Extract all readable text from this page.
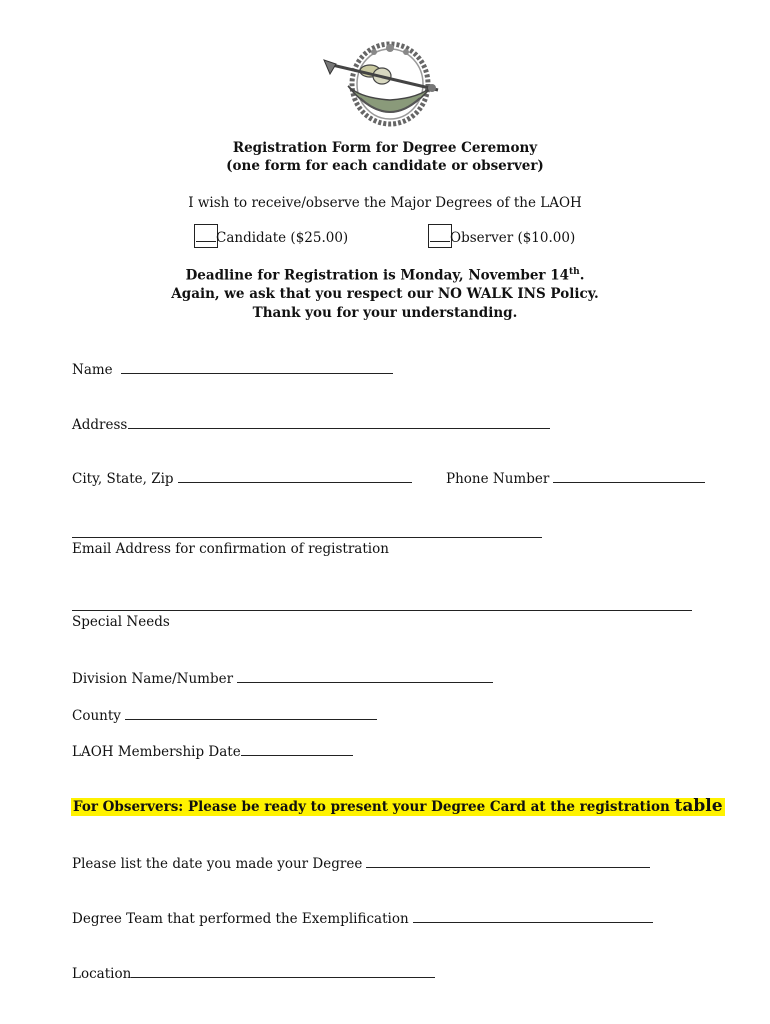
Registration Form for Degree Ceremony
(one form for each candidate or observer)
I wish to receive/observe the Major Degrees of the LAOH
Candidate ($25.00)	Observer ($10.00)
Deadline for Registration is Monday, November 14th.
Again, we ask that you respect our NO WALK INS Policy.
Thank you for your understanding.
Name
Address
City, State, Zip	Phone Number
Email Address for confirmation of registration
Special Needs
Division Name/Number
County
LAOH Membership Date
For Observers: Please be ready to present your Degree Card at the registration table
Please list the date you made your Degree
Degree Team that performed the Exemplification
Location
